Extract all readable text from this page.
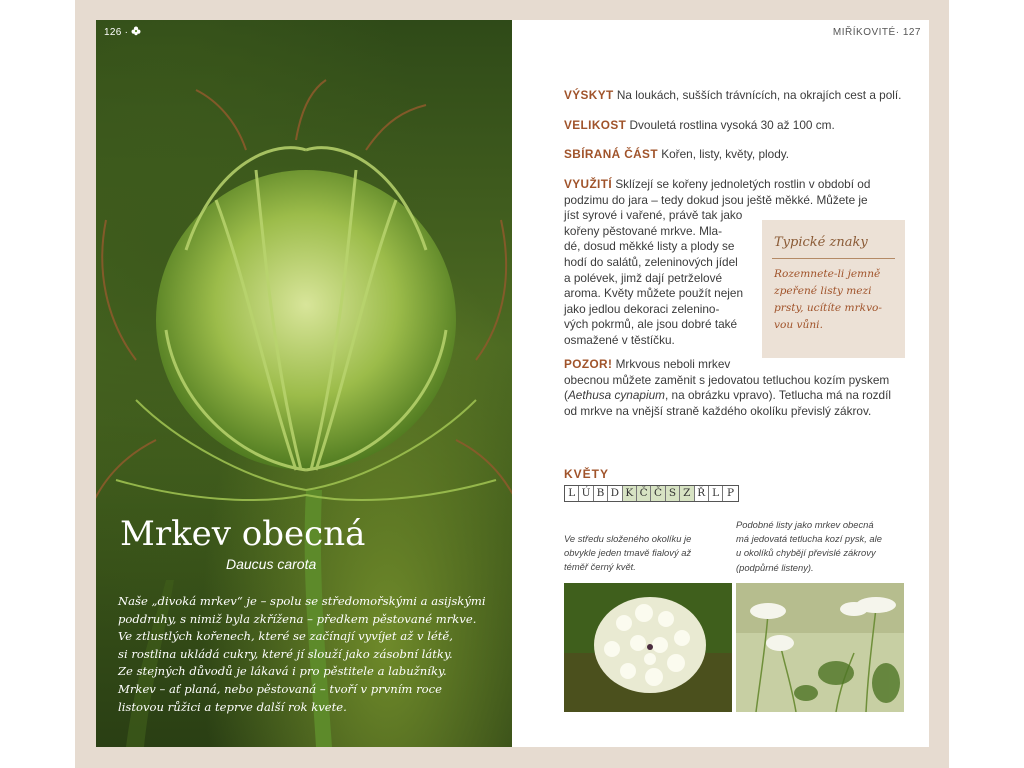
126 ·
Mrkev obecná
Daucus carota
Naše „divoká mrkev“ je – spolu se středomořskými a asijskými
poddruhy, s nimiž byla zkřížena – předkem pěstované mrkve.
Ve ztlustlých kořenech, které se začínají vyvíjet až v létě,
si rostlina ukládá cukry, které jí slouží jako zásobní látky.
Ze stejných důvodů je lákavá i pro pěstitele a labužníky.
Mrkev – ať planá, nebo pěstovaná – tvoří v prvním roce
listovou růžici a teprve další rok kvete.
MIŘÍKOVITÉ· 127
VÝSKYT Na loukách, sušších trávnících, na okrajích cest a polí.
VELIKOST Dvouletá rostlina vysoká 30 až 100 cm.
SBÍRANÁ ČÁST Kořen, listy, květy, plody.
VYUŽITÍ Sklízejí se kořeny jednoletých rostlin v období od
podzimu do jara – tedy dokud jsou ještě měkké. Můžete je
jíst syrové i vařené, právě tak jako
kořeny pěstované mrkve. Mla-
dé, dosud měkké listy a plody se
hodí do salátů, zeleninových jídel
a polévek, jimž dají petrželové
aroma. Květy můžete použít nejen
jako jedlou dekoraci zelenino-
vých pokrmů, ale jsou dobré také
osmažené v těstíčku.
POZOR! Mrkvous neboli mrkev
obecnou můžete zaměnit s jedovatou tetluchou kozím pyskem
(Aethusa cynapium, na obrázku vpravo). Tetlucha má na rozdíl
od mrkve na vnější straně každého okolíku převislý zákrov.
Typické znaky
Rozemnete-li jemně
zpeřené listy mezi
prsty, ucítíte mrkvo-
vou vůni.
KVĚTY
L Ú B D K Č Č S Z Ř L P
Ve středu složeného okolíku je
obvykle jeden tmavě fialový až
téměř černý květ.
Podobné listy jako mrkev obecná
má jedovatá tetlucha kozí pysk, ale
u okolíků chybějí převislé zákrovy
(podpůrné listeny).
